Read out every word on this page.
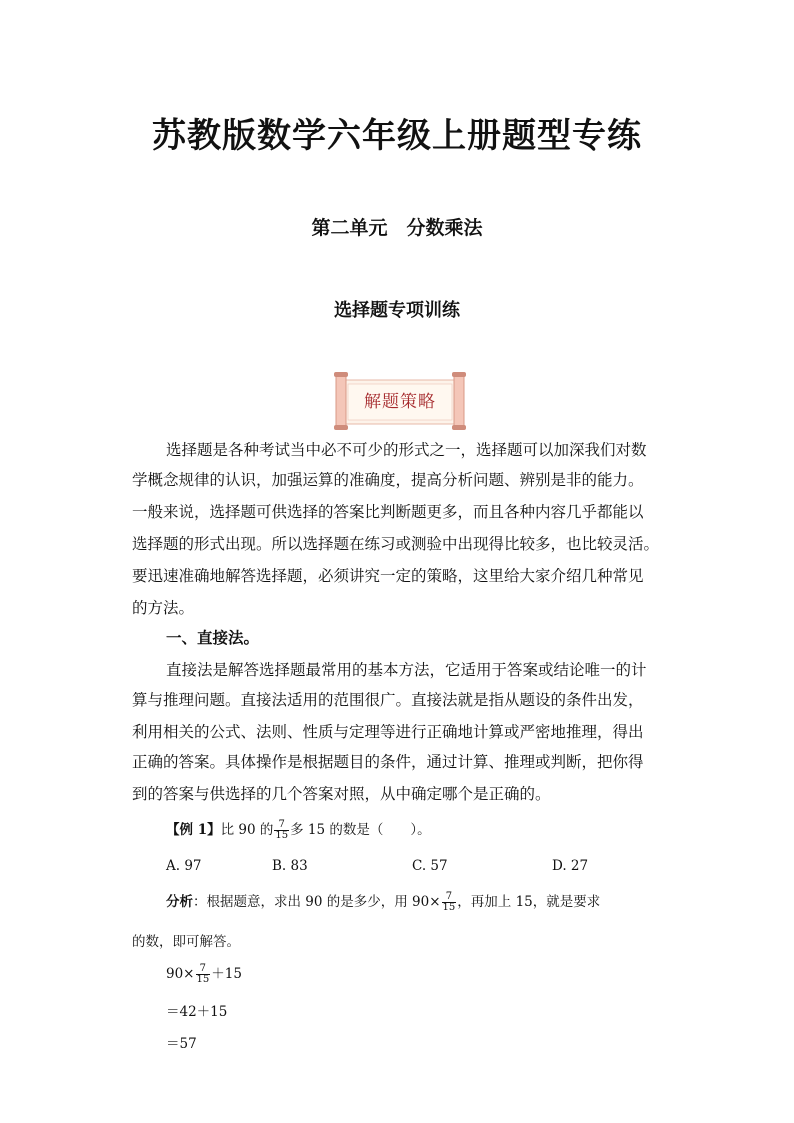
苏教版数学六年级上册题型专练
第二单元　分数乘法
选择题专项训练
解题策略
选择题是各种考试当中必不可少的形式之一，选择题可以加深我们对数
学概念规律的认识，加强运算的准确度，提高分析问题、辨别是非的能力。
一般来说，选择题可供选择的答案比判断题更多，而且各种内容几乎都能以
选择题的形式出现。所以选择题在练习或测验中出现得比较多，也比较灵活。
要迅速准确地解答选择题，必须讲究一定的策略，这里给大家介绍几种常见
的方法。
一、直接法。
直接法是解答选择题最常用的基本方法，它适用于答案或结论唯一的计
算与推理问题。直接法适用的范围很广。直接法就是指从题设的条件出发，
利用相关的公式、法则、性质与定理等进行正确地计算或严密地推理，得出
正确的答案。具体操作是根据题目的条件，通过计算、推理或判断，把你得
到的答案与供选择的几个答案对照，从中确定哪个是正确的。
【例 1】比 90 的 $\frac{7}{15}$ 多 15 的数是（　　）。
A. 97	B. 83	C. 57	D. 27
分析：根据题意，求出 90 的是多少，用 $90\times \frac{7}{15}$ ，再加上 15，就是要求
的数，即可解答。
$90\times \frac{7}{15} +15$
＝42＋15
＝57
